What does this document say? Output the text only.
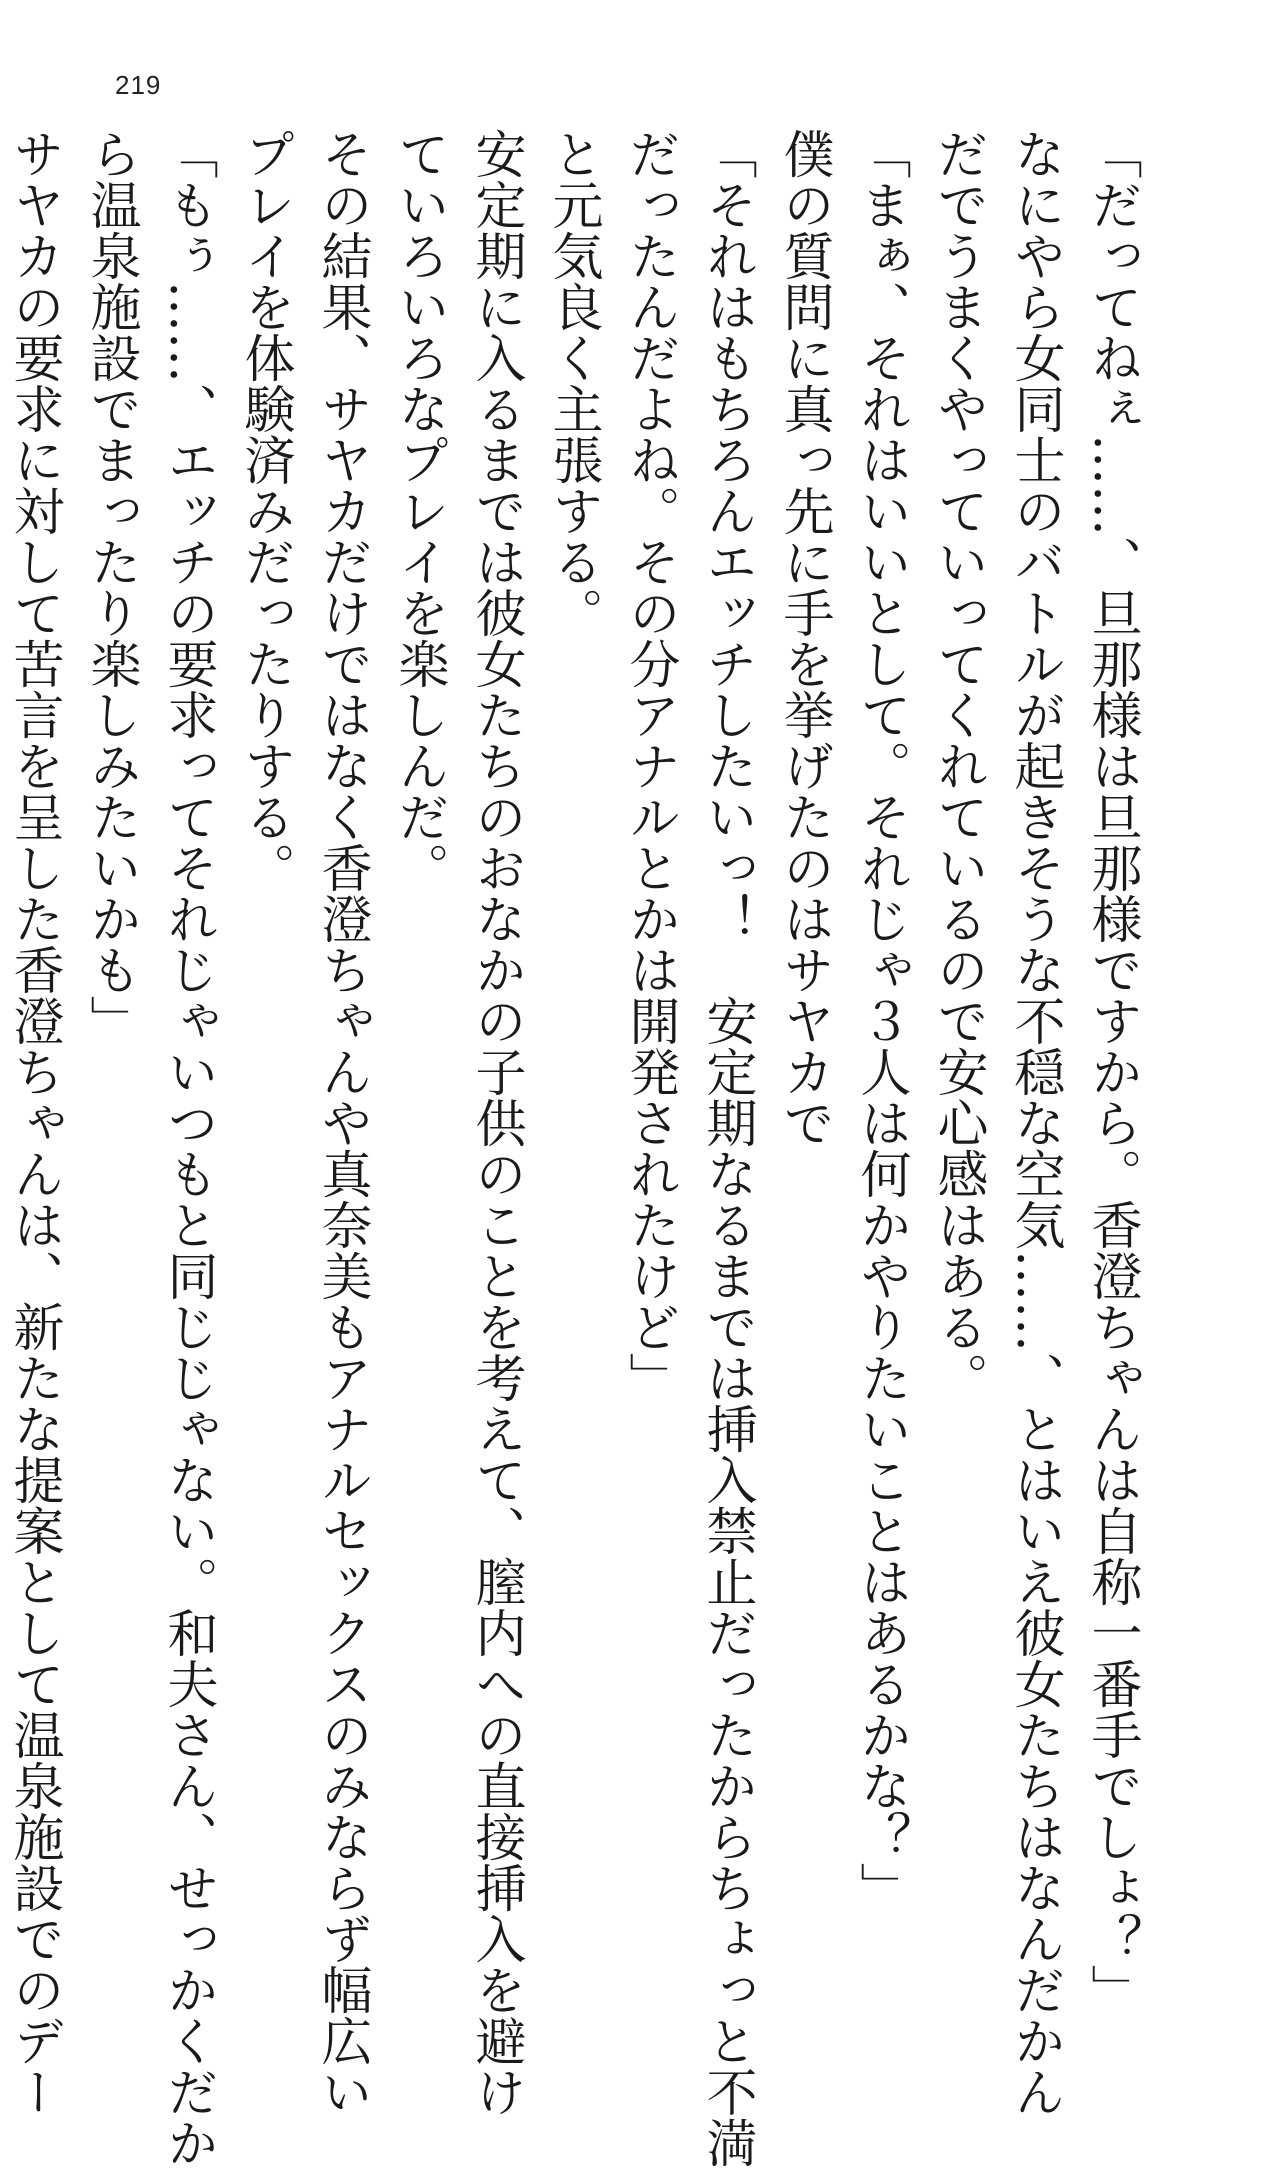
219

「だってねぇ……、旦那様は旦那様ですから。香澄ちゃんは自称一番手でしょ？」

なにやら女同士のバトルが起きそうな不穏な空気……、とはいえ彼女たちはなんだかん

だでうまくやっていってくれているので安心感はある。

「まぁ、それはいいとして。それじゃ３人は何かやりたいことはあるかな？」

僕の質問に真っ先に手を挙げたのはサヤカで

「それはもちろんエッチしたいっ！　安定期なるまでは挿入禁止だったからちょっと不満

だったんだよね。その分アナルとかは開発されたけど」

と元気良く主張する。

安定期に入るまでは彼女たちのおなかの子供のことを考えて、膣内への直接挿入を避け

ていろいろなプレイを楽しんだ。

その結果、サヤカだけではなく香澄ちゃんや真奈美もアナルセックスのみならず幅広い

プレイを体験済みだったりする。

「もぅ……、エッチの要求ってそれじゃいつもと同じじゃない。和夫さん、せっかくだか

ら温泉施設でまったり楽しみたいかも」

サヤカの要求に対して苦言を呈した香澄ちゃんは、新たな提案として温泉施設でのデー
